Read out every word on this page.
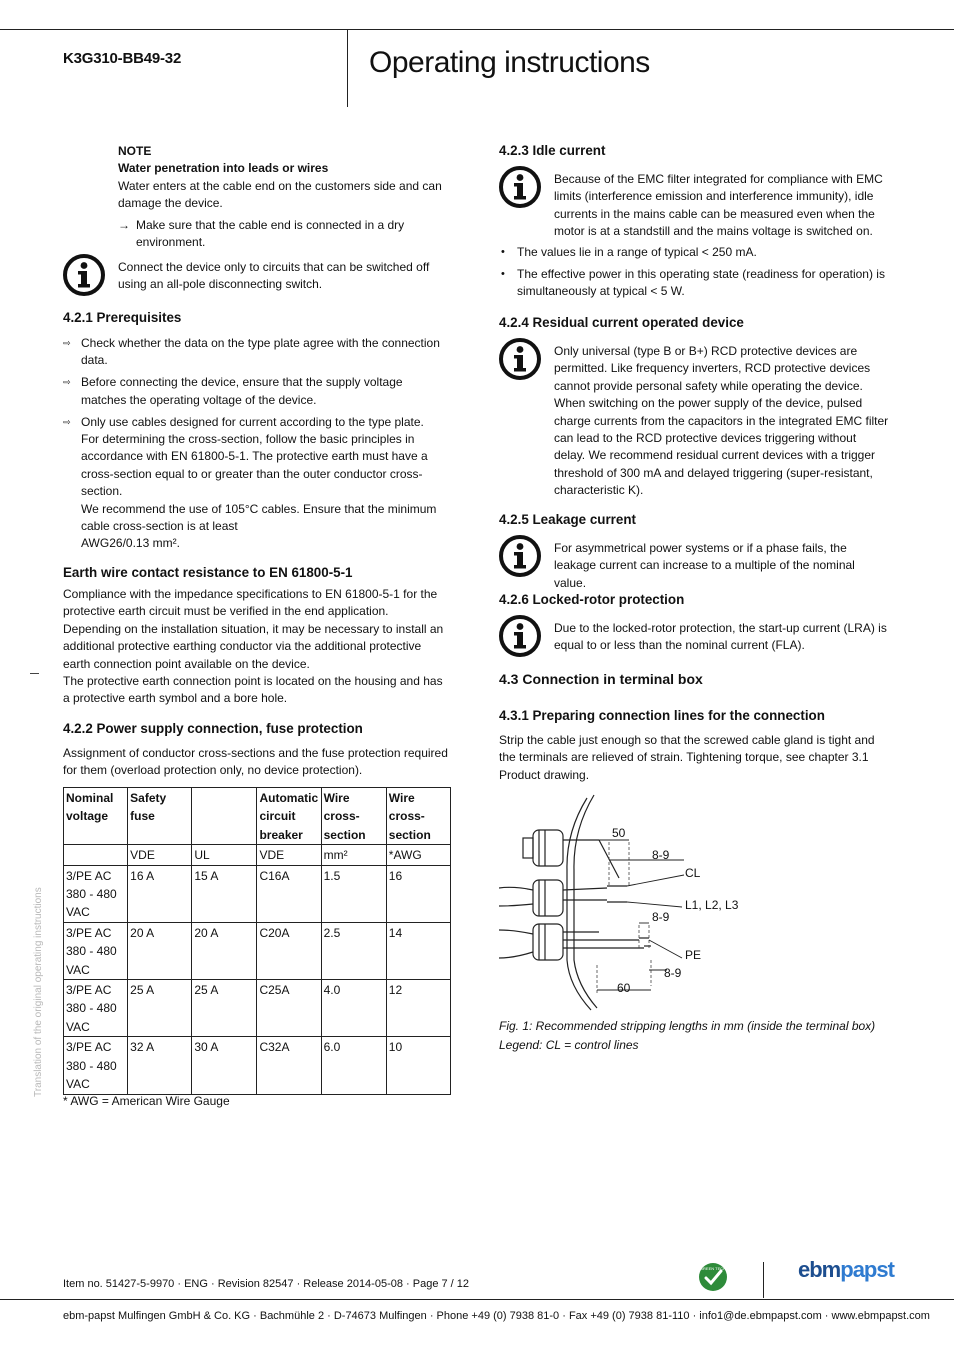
K3G310-BB49-32	Operating instructions

NOTE

Water penetration into leads or wires

Water enters at the cable end on the customers side and can damage the device.

→ Make sure that the cable end is connected in a dry environment.
Connect the device only to circuits that can be switched off using an all-pole disconnecting switch.
4.2.1 Prerequisites
⇨ Check whether the data on the type plate agree with the connection data.
⇨ Before connecting the device, ensure that the supply voltage matches the operating voltage of the device.
⇨ Only use cables designed for current according to the type plate.

For determining the cross-section, follow the basic principles in accordance with EN 61800-5-1. The protective earth must have a cross-section equal to or greater than the outer conductor cross-section.

We recommend the use of 105°C cables. Ensure that the minimum cable cross-section is at least

AWG26/0.13 mm².

Earth wire contact resistance to EN 61800-5-1

Compliance with the impedance specifications to EN 61800-5-1 for the protective earth circuit must be verified in the end application.

Depending on the installation situation, it may be necessary to install an additional protective earthing conductor via the additional protective earth connection point available on the device.

The protective earth connection point is located on the housing and has a protective earth symbol and a bore hole.

4.2.2 Power supply connection, fuse protection
Assignment of conductor cross-sections and the fuse protection required for them (overload protection only, no device protection).
Nominal voltage	Safety fuse		Automatic circuit breaker	Wire cross-section	Wire cross-section
	VDE	UL	VDE	mm²	*AWG
3/PE AC 380 - 480 VAC	16 A	15 A	C16A	1.5	16
3/PE AC 380 - 480 VAC	20 A	20 A	C20A	2.5	14
3/PE AC 380 - 480 VAC	25 A	25 A	C25A	4.0	12
3/PE AC 380 - 480 VAC	32 A	30 A	C32A	6.0	10
* AWG = American Wire Gauge
Translation of the original operating instructions
4.2.3 Idle current
Because of the EMC filter integrated for compliance with EMC limits (interference emission and interference immunity), idle currents in the mains cable can be measured even when the motor is at a standstill and the mains voltage is switched on.
• The values lie in a range of typical < 250 mA.
• The effective power in this operating state (readiness for operation) is simultaneously at typical < 5 W.
4.2.4 Residual current operated device
Only universal (type B or B+) RCD protective devices are permitted. Like frequency inverters, RCD protective devices cannot provide personal safety while operating the device. When switching on the power supply of the device, pulsed charge currents from the capacitors in the integrated EMC filter can lead to the RCD protective devices triggering without delay. We recommend residual current devices with a trigger threshold of 300 mA and delayed triggering (super-resistant, characteristic K).
4.2.5 Leakage current
For asymmetrical power systems or if a phase fails, the leakage current can increase to a multiple of the nominal value.
4.2.6 Locked-rotor protection
Due to the locked-rotor protection, the start-up current (LRA) is equal to or less than the nominal current (FLA).
4.3 Connection in terminal box
4.3.1 Preparing connection lines for the connection
Strip the cable just enough so that the screwed cable gland is tight and the terminals are relieved of strain. Tightening torque, see chapter 3.1 Product drawing.
50
8-9
CL
L1, L2, L3
8-9
PE
8-9
60
Fig. 1: Recommended stripping lengths in mm (inside the terminal box)
Legend: CL = control lines
Item no. 51427-5-9970 · ENG · Revision 82547 · Release 2014-05-08 · Page 7 / 12
GREEN TECH	ebmpapst
ebm-papst Mulfingen GmbH & Co. KG · Bachmühle 2 · D-74673 Mulfingen · Phone +49 (0) 7938 81-0 · Fax +49 (0) 7938 81-110 · info1@de.ebmpapst.com · www.ebmpapst.com
